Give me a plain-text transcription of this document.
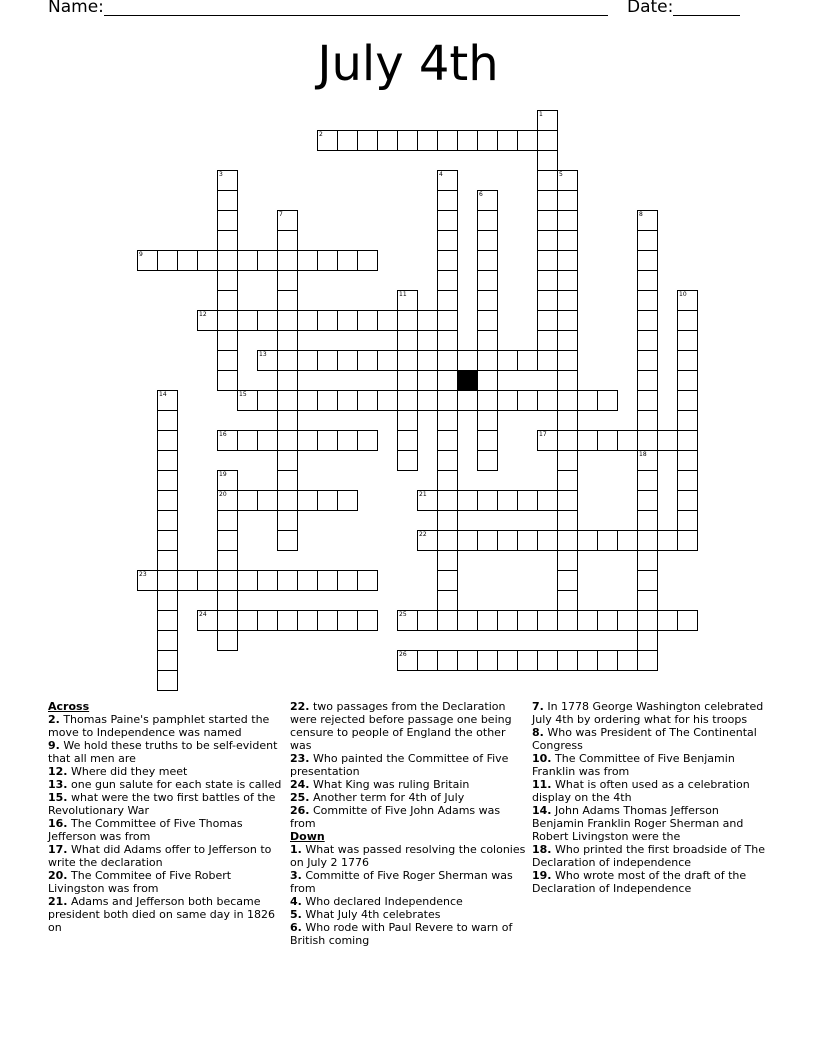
Name:	Date:
July 4th
2
9
12
13
15
16	17
20	21
22
23
24	25
26
1
3	4	5
6
7	8
10
11
14
18
19
Across
2. Thomas Paine's pamphlet started the move to Independence was named
9. We hold these truths to be self-evident that all men are
12. Where did they meet
13. one gun salute for each state is called
15. what were the two first battles of the Revolutionary War
16. The Committee of Five Thomas Jefferson was from
17. What did Adams offer to Jefferson to write the declaration
20. The Commitee of Five Robert Livingston was from
21. Adams and Jefferson both became president both died on same day in 1826 on
22. two passages from the Declaration were rejected before passage one being censure to people of England the other was
23. Who painted the Committee of Five presentation
24. What King was ruling Britain
25. Another term for 4th of July
26. Committe of Five John Adams was from
Down
1. What was passed resolving the colonies on July 2 1776
3. Committe of Five Roger Sherman was from
4. Who declared Independence
5. What July 4th celebrates
6. Who rode with Paul Revere to warn of British coming
7. In 1778 George Washington celebrated July 4th by ordering what for his troops
8. Who was President of The Continental Congress
10. The Committee of Five Benjamin Franklin was from
11. What is often used as a celebration display on the 4th
14. John Adams Thomas Jefferson Benjamin Franklin Roger Sherman and Robert Livingston were the
18. Who printed the first broadside of The Declaration of independence
19. Who wrote most of the draft of the Declaration of Independence
